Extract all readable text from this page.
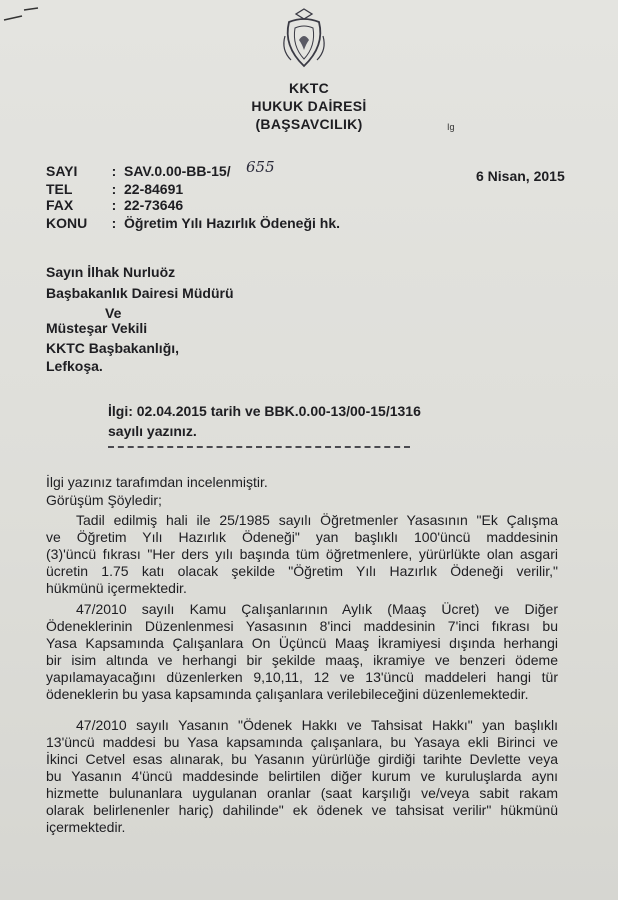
KKTC
HUKUK DAİRESİ
(BAŞSAVCILIK)	Ig
SAYI : SAV.0.00-BB-15/ 655	6 Nisan, 2015
TEL	: 22-84691
FAX	: 22-73646
KONU : Öğretim Yılı Hazırlık Ödeneği hk.
Sayın İlhak Nurluöz
Başbakanlık Dairesi Müdürü
Ve
Müsteşar Vekili
KKTC Başbakanlığı,
Lefkoşa.
İlgi: 02.04.2015 tarih ve BBK.0.00-13/00-15/1316
sayılı yazınız.
İlgi yazınız tarafımdan incelenmiştir.
Görüşüm Şöyledir;
Tadil edilmiş hali ile 25/1985 sayılı Öğretmenler Yasasının "Ek Çalışma
ve Öğretim Yılı Hazırlık Ödeneği" yan başlıklı 100'üncü maddesinin
(3)'üncü fıkrası "Her ders yılı başında tüm öğretmenlere, yürürlükte olan asgari
ücretin 1.75 katı olacak şekilde "Öğretim Yılı Hazırlık Ödeneği verilir,"
hükmünü içermektedir.
47/2010 sayılı Kamu Çalışanlarının Aylık (Maaş Ücret) ve Diğer
Ödeneklerinin Düzenlenmesi Yasasının 8'inci maddesinin 7'inci fıkrası bu
Yasa Kapsamında Çalışanlara On Üçüncü Maaş İkramiyesi dışında herhangi
bir isim altında ve herhangi bir şekilde maaş, ikramiye ve benzeri ödeme
yapılamayacağını düzenlerken 9,10,11, 12 ve 13'üncü maddeleri hangi tür
ödeneklerin bu yasa kapsamında çalışanlara verilebileceğini düzenlemektedir.
47/2010 sayılı Yasanın "Ödenek Hakkı ve Tahsisat Hakkı" yan başlıklı
13'üncü maddesi bu Yasa kapsamında çalışanlara, bu Yasaya ekli Birinci ve
İkinci Cetvel esas alınarak, bu Yasanın yürürlüğe girdiği tarihte Devlette veya
bu Yasanın 4'üncü maddesinde belirtilen diğer kurum ve kuruluşlarda aynı
hizmette bulunanlara uygulanan oranlar (saat karşılığı ve/veya sabit rakam
olarak belirlenenler hariç) dahilinde" ek ödenek ve tahsisat verilir" hükmünü
içermektedir.
